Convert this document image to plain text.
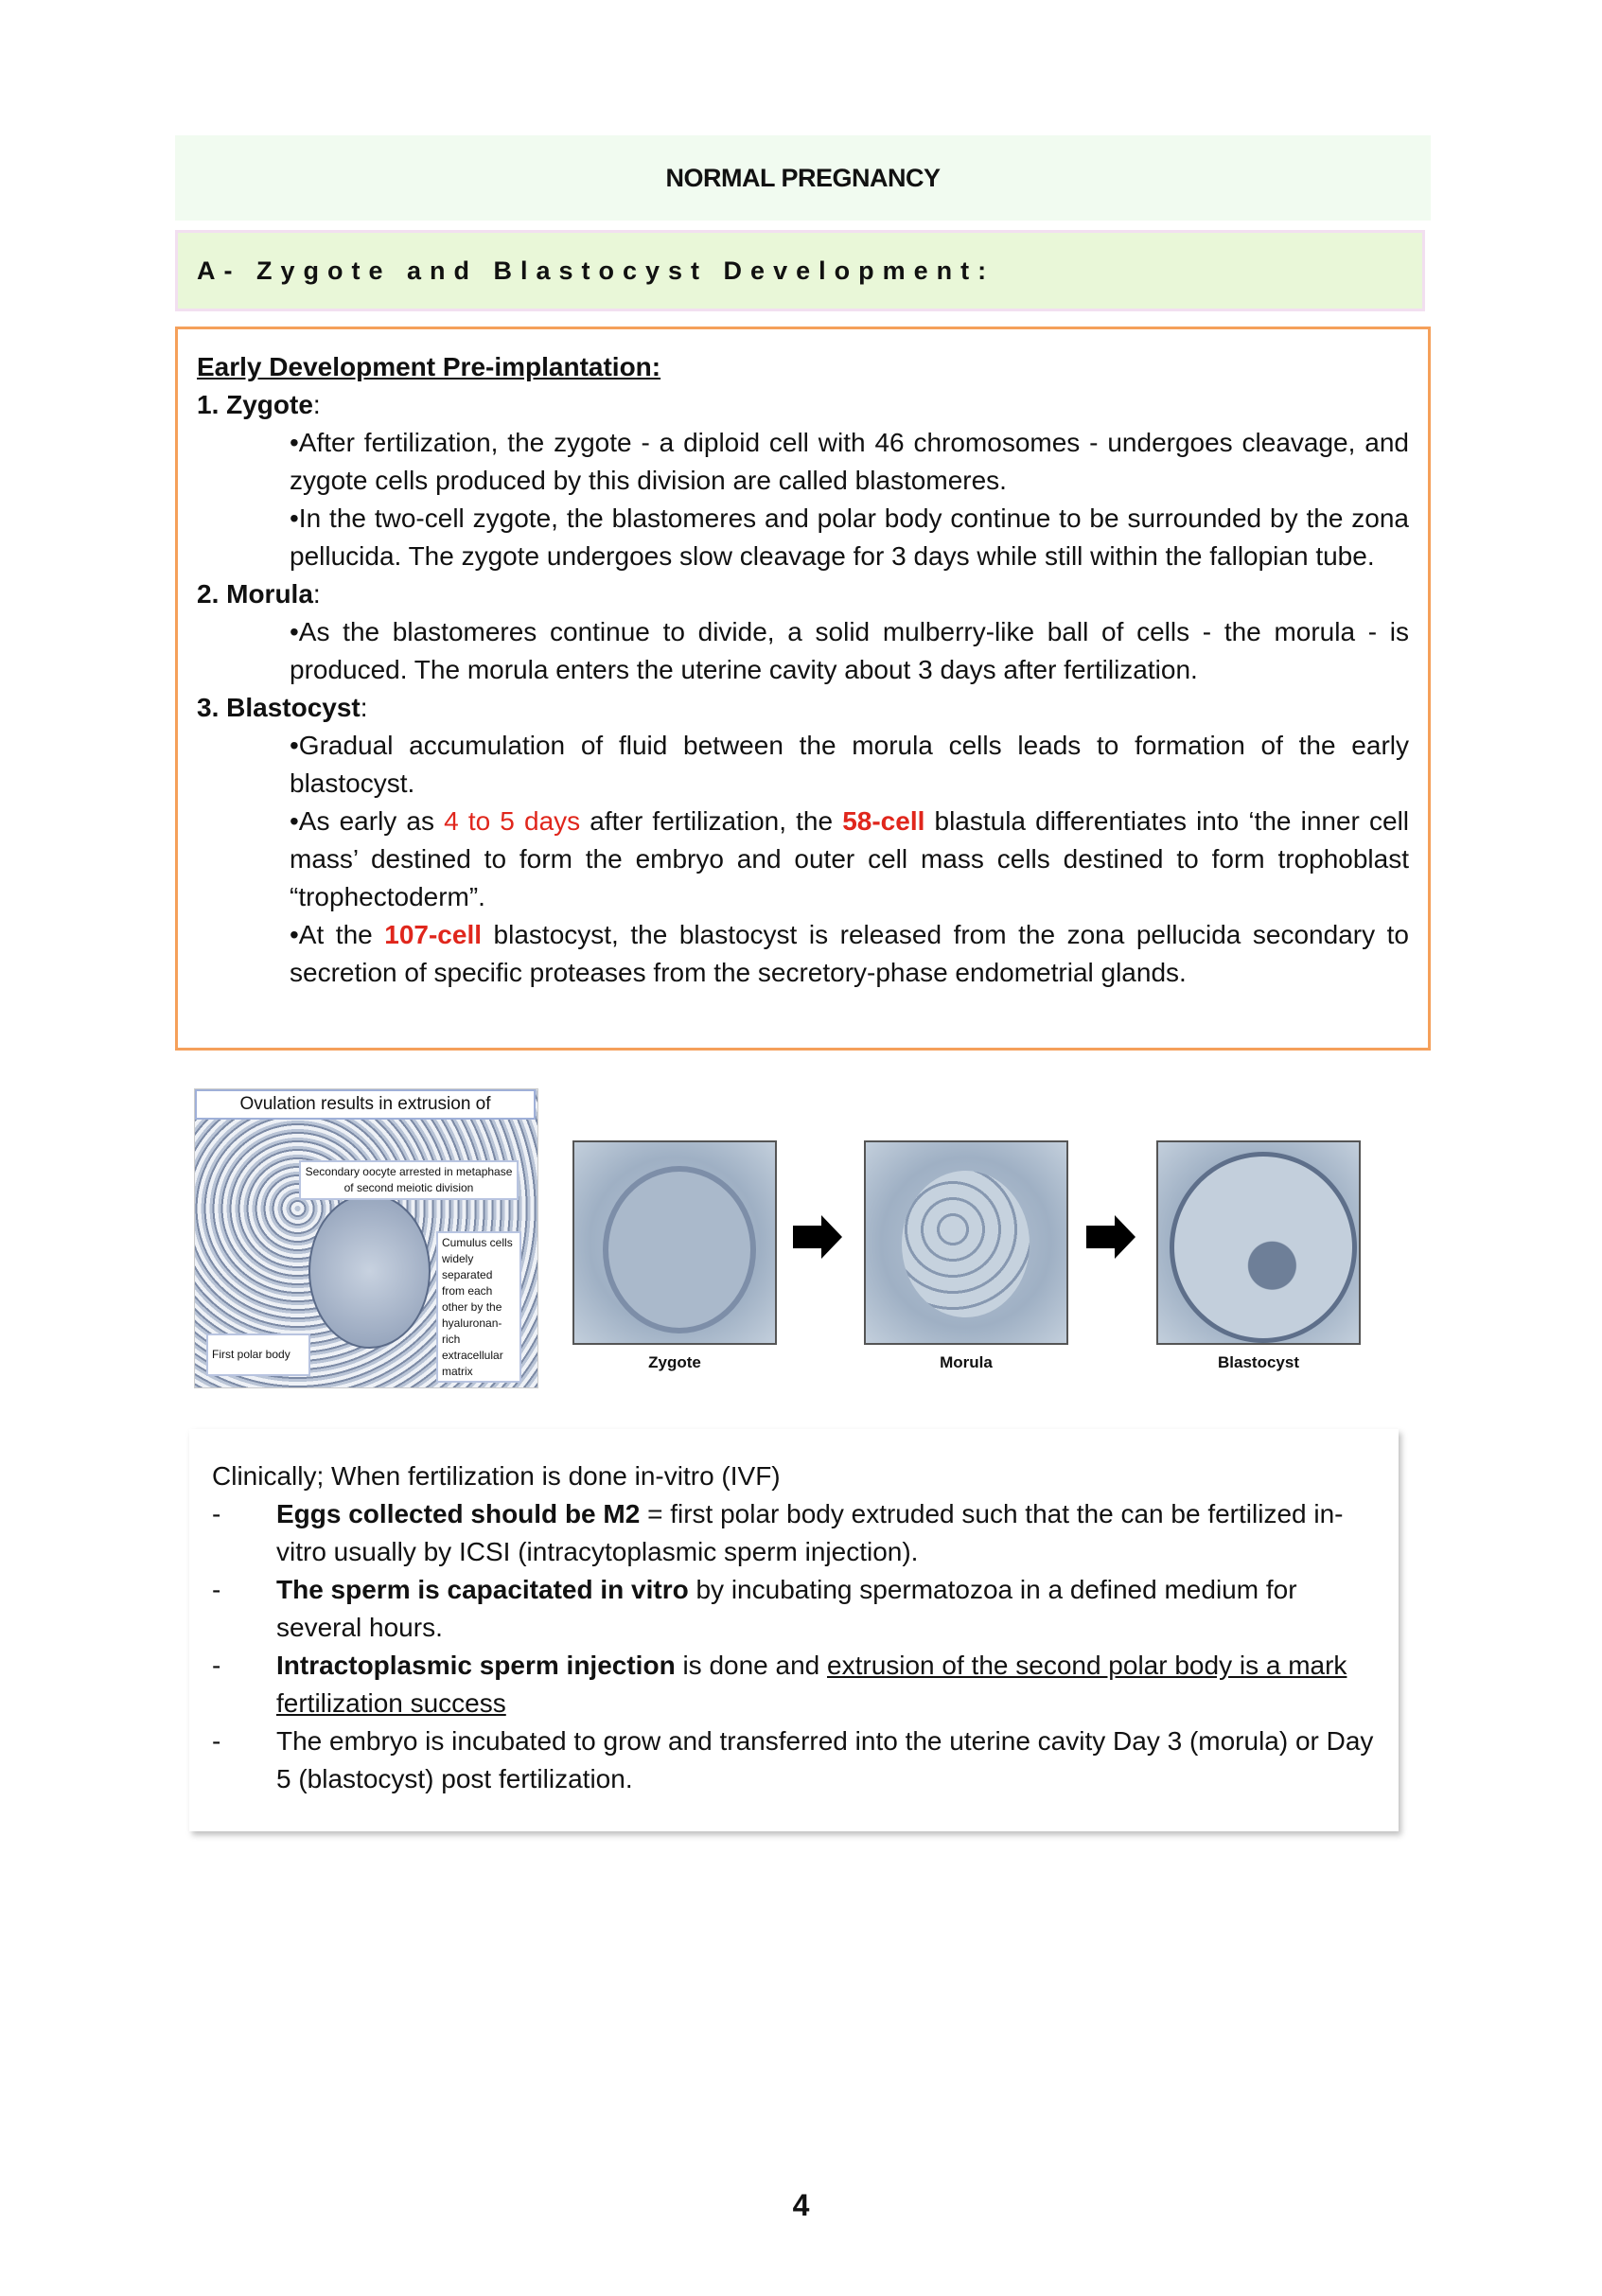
NORMAL PREGNANCY
A- Zygote and Blastocyst Development:
Early Development Pre-implantation:
1. Zygote:
•After fertilization, the zygote - a diploid cell with 46 chromosomes - undergoes cleavage, and zygote cells produced by this division are called blastomeres.
•In the two-cell zygote, the blastomeres and polar body continue to be surrounded by the zona pellucida. The zygote undergoes slow cleavage for 3 days while still within the fallopian tube.
2. Morula:
•As the blastomeres continue to divide, a solid mulberry-like ball of cells - the morula - is produced. The morula enters the uterine cavity about 3 days after fertilization.
3. Blastocyst:
•Gradual accumulation of fluid between the morula cells leads to formation of the early blastocyst.
•As early as 4 to 5 days after fertilization, the 58-cell blastula differentiates into ‘the inner cell mass’ destined to form the embryo and outer cell mass cells destined to form trophoblast “trophectoderm”.
•At the 107-cell blastocyst, the blastocyst is released from the zona pellucida secondary to secretion of specific proteases from the secretory-phase endometrial glands.
Ovulation results in extrusion of
Secondary oocyte arrested in metaphase of second meiotic division
Cumulus cells widely separated from each other by the hyaluronan-rich extracellular matrix
First polar body	Zygote	Morula	Blastocyst
Clinically; When fertilization is done in-vitro (IVF)
-	Eggs collected should be M2 = first polar body extruded such that the can be fertilized in-vitro usually by ICSI (intracytoplasmic sperm injection).
-	The sperm is capacitated in vitro by incubating spermatozoa in a defined medium for several hours.
-	Intractoplasmic sperm injection is done and extrusion of the second polar body is a mark fertilization success
-	The embryo is incubated to grow and transferred into the uterine cavity Day 3 (morula) or Day 5 (blastocyst) post fertilization.
4
